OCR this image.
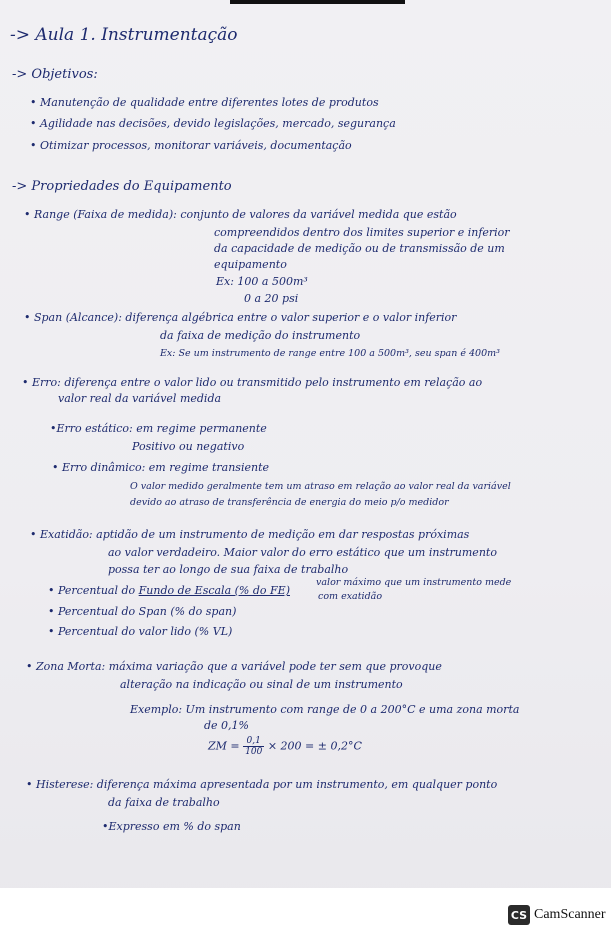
-> Aula 1. Instrumentação
-> Objetivos:
• Manutenção de qualidade entre diferentes lotes de produtos
• Agilidade nas decisões, devido legislações, mercado, segurança
• Otimizar processos, monitorar variáveis, documentação
-> Propriedades do Equipamento
• Range (Faixa de medida): conjunto de valores da variável medida que estão
compreendidos dentro dos limites superior e inferior
da capacidade de medição ou de transmissão de um
equipamento
Ex: 100 a 500m³
0 a 20 psi
• Span (Alcance): diferença algébrica entre o valor superior e o valor inferior
da faixa de medição do instrumento
Ex: Se um instrumento de range entre 100 a 500m³, seu span é 400m³
• Erro: diferença entre o valor lido ou transmitido pelo instrumento em relação ao
valor real da variável medida
•Erro estático: em regime permanente
Positivo ou negativo
• Erro dinâmico: em regime transiente
O valor medido geralmente tem um atraso em relação ao valor real da variável
devido ao atraso de transferência de energia do meio p/o medidor
• Exatidão: aptidão de um instrumento de medição em dar respostas próximas
ao valor verdadeiro. Maior valor do erro estático que um instrumento
possa ter ao longo de sua faixa de trabalho
• Percentual do Fundo de Escala (% do FE)
valor máximo que um instrumento mede
com exatidão
• Percentual do Span (% do span)
• Percentual do valor lido (% VL)
• Zona Morta: máxima variação que a variável pode ter sem que provoque
alteração na indicação ou sinal de um instrumento
Exemplo: Um instrumento com range de 0 a 200°C e uma zona morta
de 0,1%
ZM = $\frac{0,1}{100} \times 200$ = ± 0,2°C
• Histerese: diferença máxima apresentada por um instrumento, em qualquer ponto
da faixa de trabalho
•Expresso em % do span
CS CamScanner
